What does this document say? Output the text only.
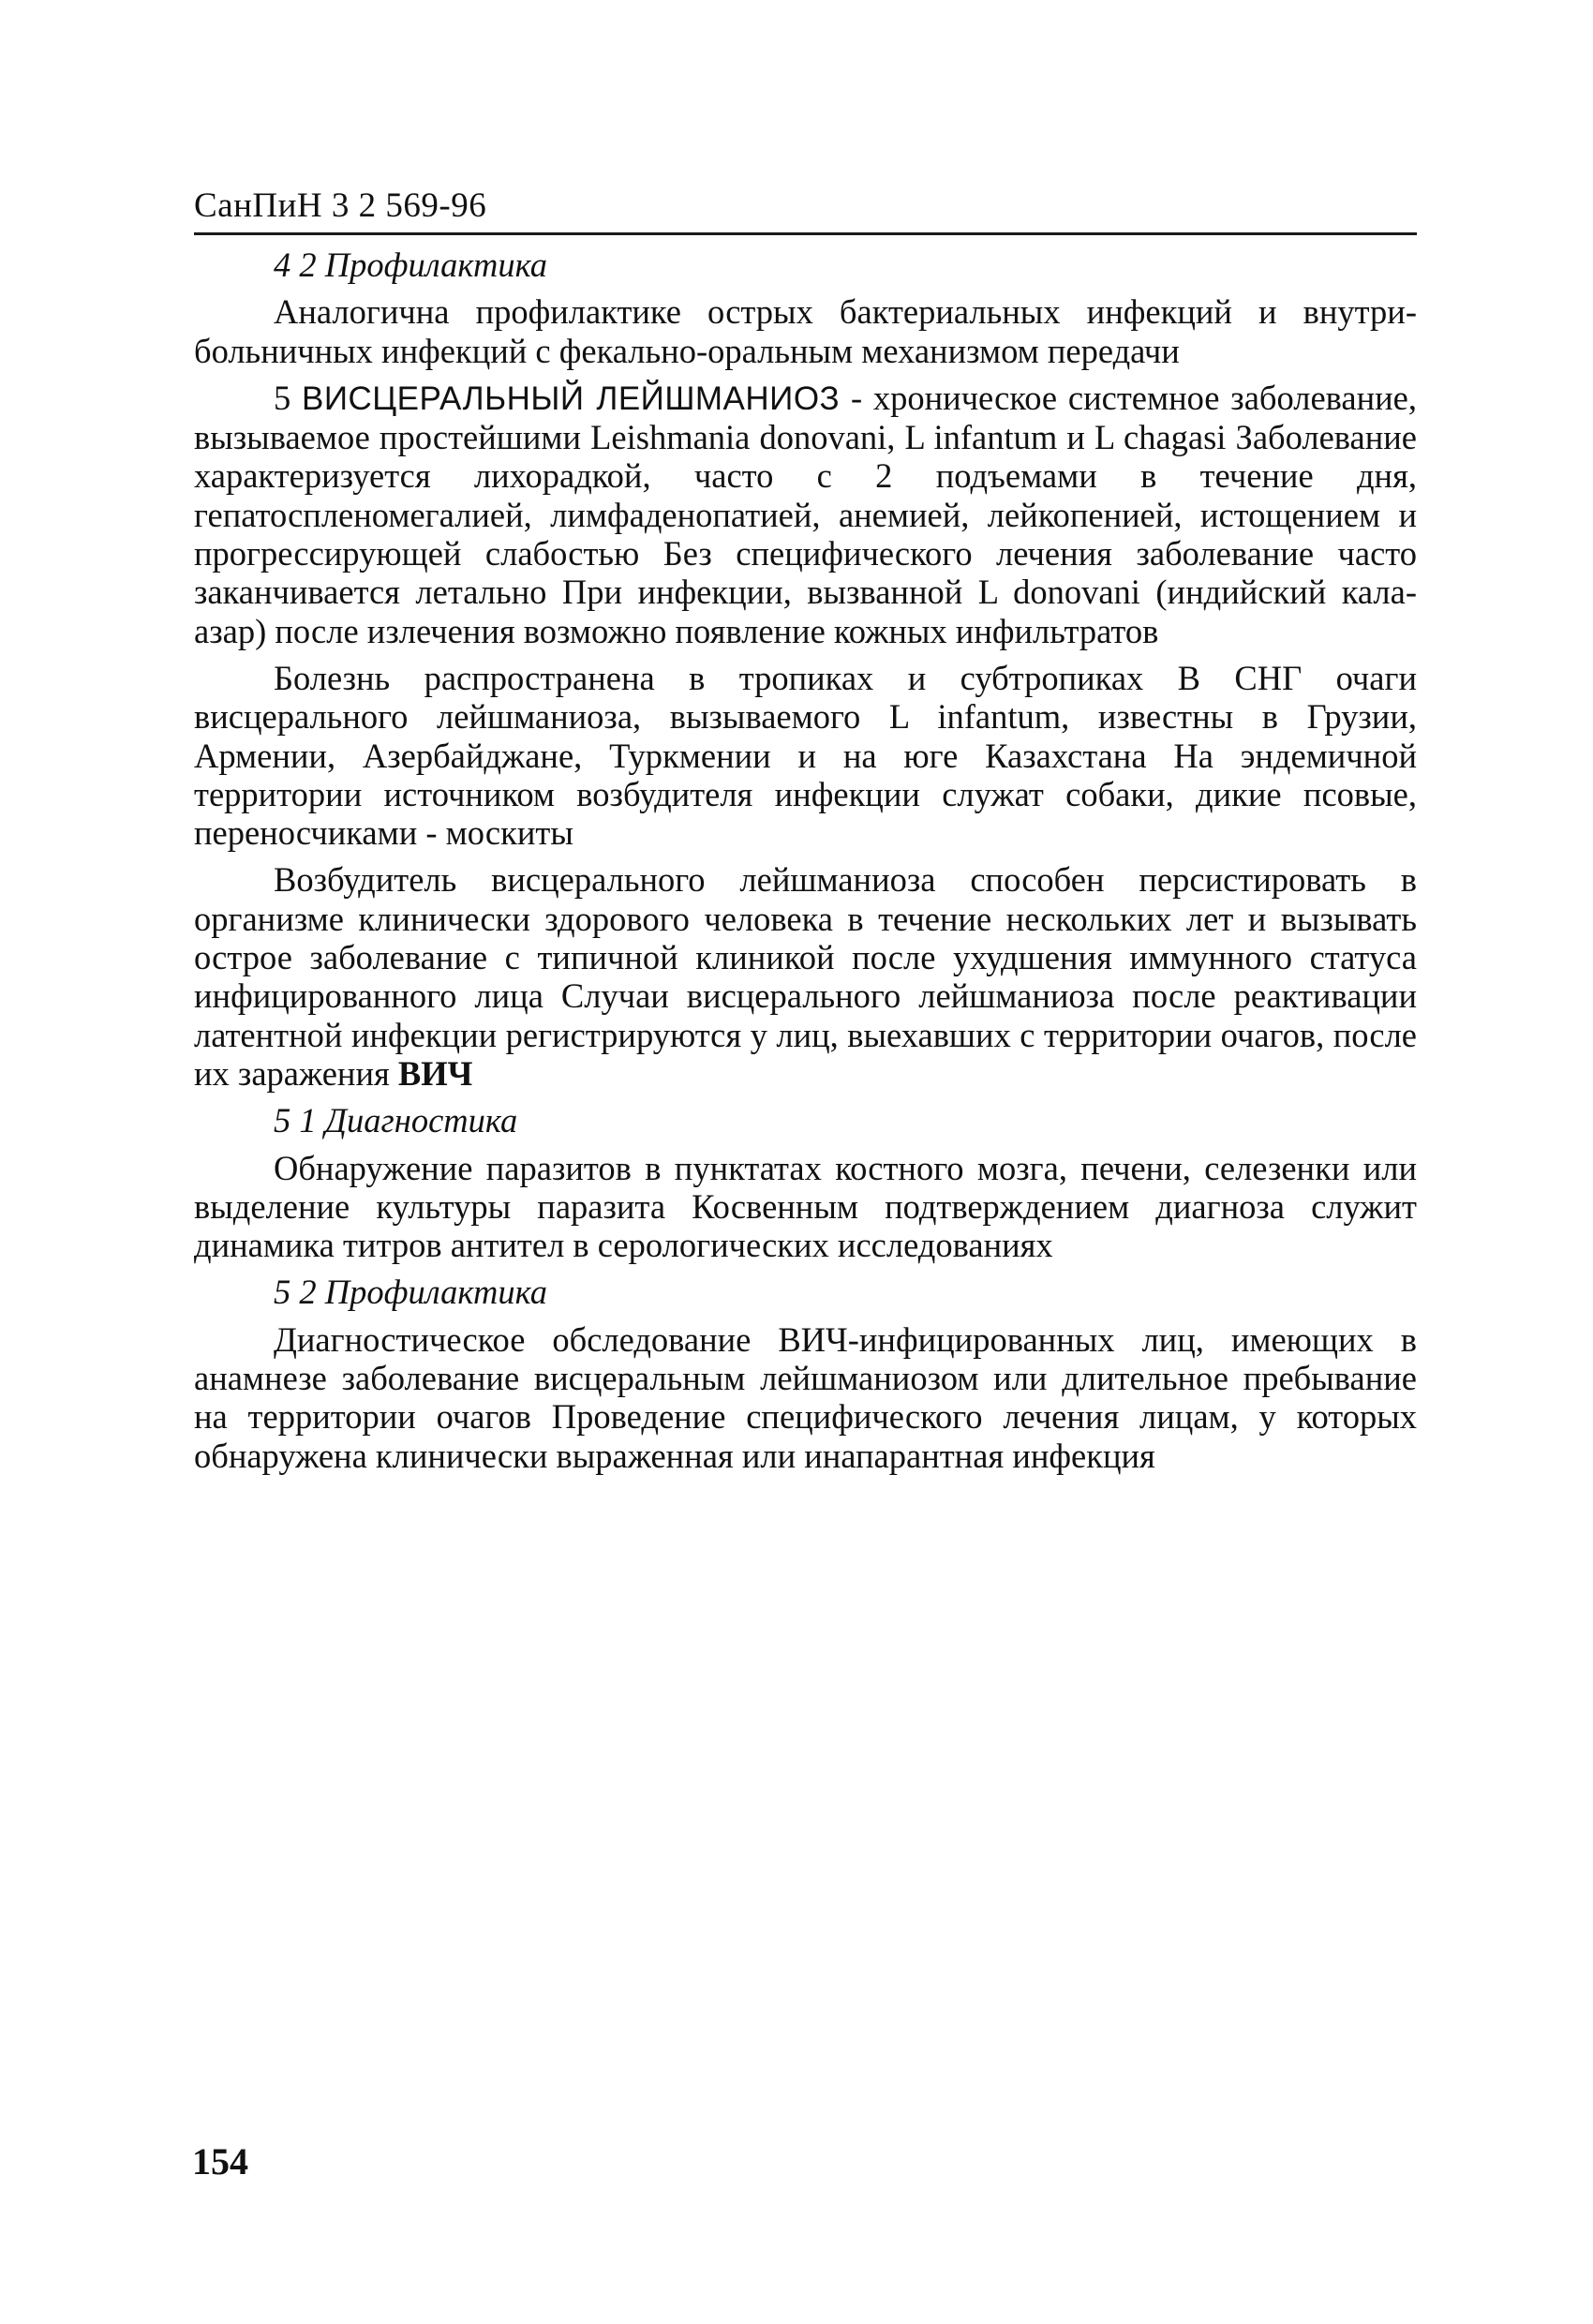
СанПиН 3 2 569-96

4 2 Профилактика

Аналогична профилактике острых бактериальных инфекций и внутрибольничных инфекций с фекально-оральным механизмом передачи

5 ВИСЦЕРАЛЬНЫЙ ЛЕЙШМАНИОЗ - хроническое системное заболевание, вызываемое простейшими Leishmania donovani, L infantum и L chagasi Заболевание характеризуется лихорадкой, часто с 2 подъемами в течение дня, гепатоспленомегалией, лимфаденопатией, анемией, лейкопенией, истощением и прогрессирующей слабостью Без специфического лечения заболевание часто заканчивается летально При инфекции, вызванной L donovani (индийский кала-азар) после излечения возможно появление кожных инфильтратов

Болезнь распространена в тропиках и субтропиках В СНГ очаги висцерального лейшманиоза, вызываемого L infantum, известны в Грузии, Армении, Азербайджане, Туркмении и на юге Казахстана На эндемичной территории источником возбудителя инфекции служат собаки, дикие псовые, переносчиками - москиты

Возбудитель висцерального лейшманиоза способен персистировать в организме клинически здорового человека в течение нескольких лет и вызывать острое заболевание с типичной клиникой после ухудшения иммунного статуса инфицированного лица Случаи висцерального лейшманиоза после реактивации латентной инфекции регистрируются у лиц, выехавших с территории очагов, после их заражения ВИЧ

5 1 Диагностика

Обнаружение паразитов в пунктатах костного мозга, печени, селезенки или выделение культуры паразита Косвенным подтверждением диагноза служит динамика титров антител в серологических исследованиях

5 2 Профилактика

Диагностическое обследование ВИЧ-инфицированных лиц, имеющих в анамнезе заболевание висцеральным лейшманиозом или длительное пребывание на территории очагов Проведение специфического лечения лицам, у которых обнаружена клинически выраженная или инапарантная инфекция

154
